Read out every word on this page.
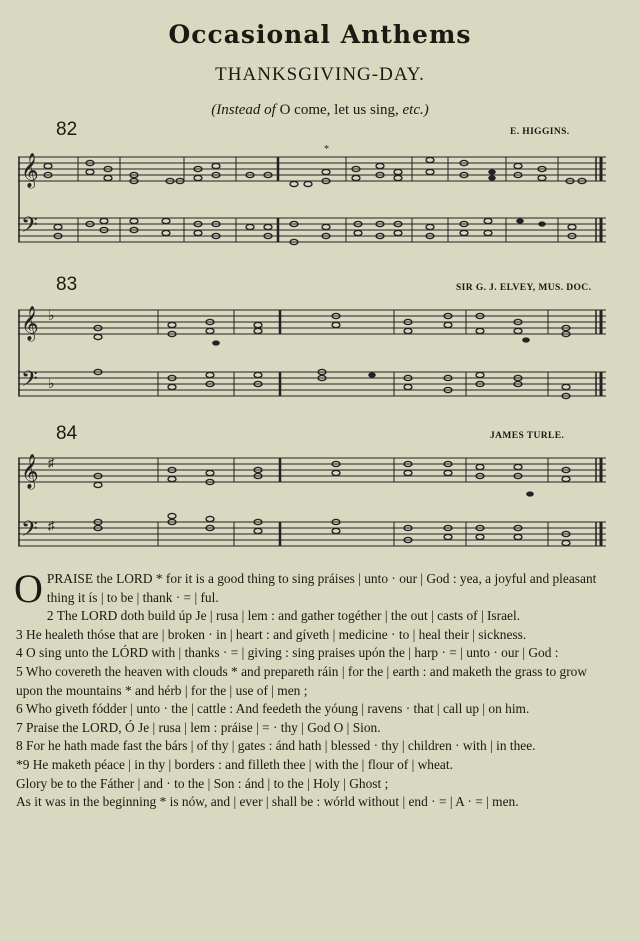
Occasional Anthems
THANKSGIVING-DAY.
(Instead of O come, let us sing, etc.)
82	E. HIGGINS.
𝄞
𝄢
*
83	SIR G. J. ELVEY, MUS. DOC.
𝄞
𝄢
♭
♭
84	JAMES TURLE.
𝄞
𝄢
♯
♯

O PRAISE the LORD * for it is a good thing to sing práises | unto · our | God : yea, a joyful and pleasant thing it ís | to be | thank · = | ful.

2 The LORD doth build úp Je | rusa | lem : and gather togéther | the out | casts of | Israel.

3 He healeth thóse that are | broken · in | heart : and gíveth | medicine · to | heal their | sickness.

4 O sing unto the LÓRD with | thanks · = | giving : sing praises upón the | harp · = | unto · our | God :

5 Who covereth the heaven with clouds * and prepareth ráin | for the | earth : and maketh the grass to grow upon the mountains * and hérb | for the | use of | men ;

6 Who giveth fódder | unto · the | cattle : And feedeth the yóung | ravens · that | call up | on him.

7 Praise the LORD, Ó Je | rusa | lem : práise | = · thy | God O | Sion.

8 For he hath made fast the bárs | of thy | gates : ánd hath | blessed · thy | children · with | in thee.

*9 He maketh péace | in thy | borders : and filleth thee | with the | flour of | wheat.

Glory be to the Fáther | and · to the | Son : ánd | to the | Holy | Ghost ;

As it was in the beginning * is nów, and | ever | shall be : wórld without | end · = | A · = | men.
